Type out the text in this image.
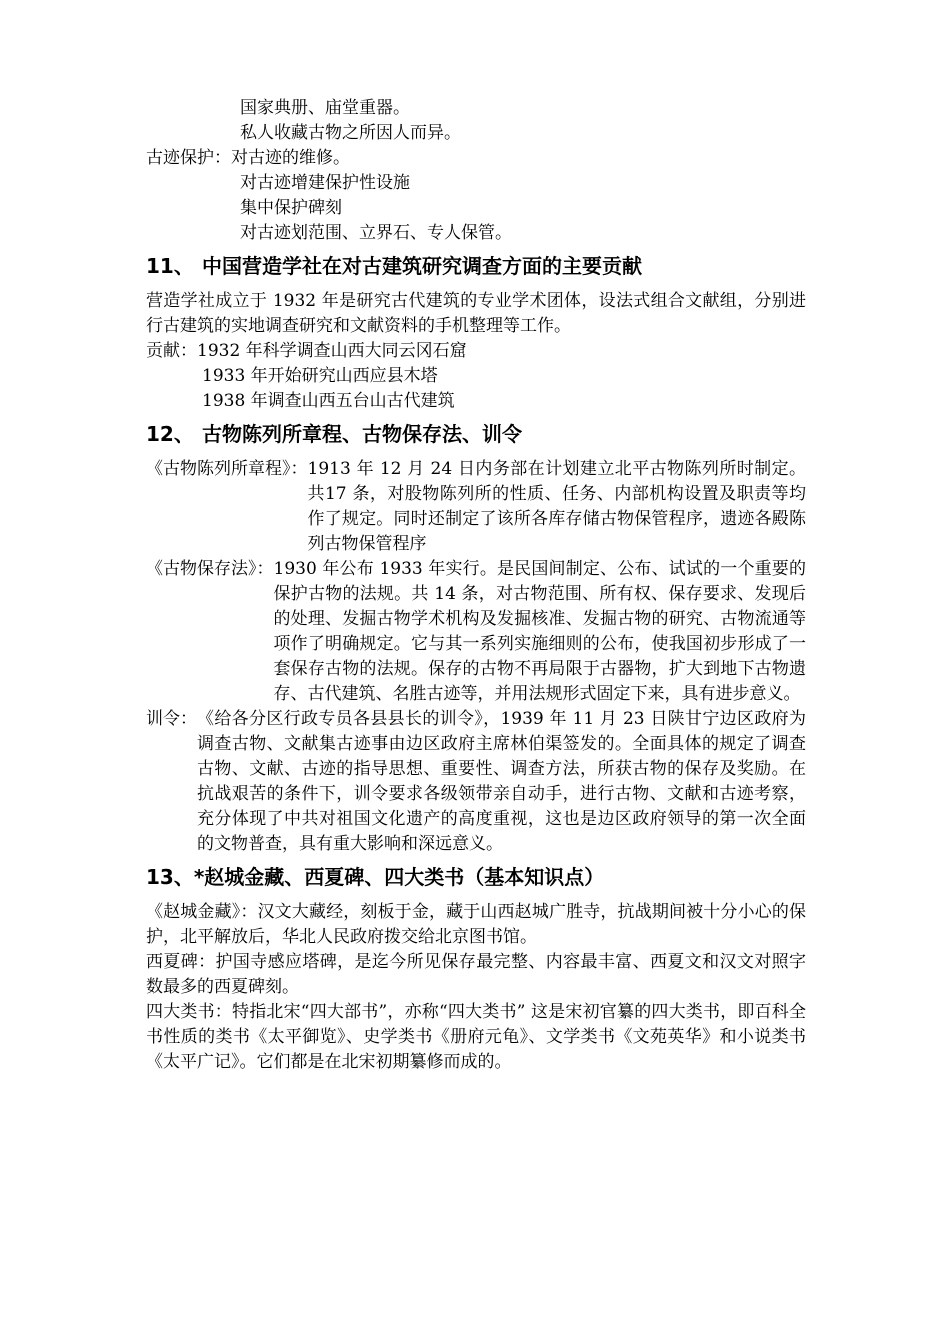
国家典册、庙堂重器。
私人收藏古物之所因人而异。
古迹保护：对古迹的维修。
对古迹增建保护性设施
集中保护碑刻
对古迹划范围、立界石、专人保管。
11、 中国营造学社在对古建筑研究调查方面的主要贡献
营造学社成立于 1932 年是研究古代建筑的专业学术团体，设法式组合文献组，分别进行古建筑的实地调查研究和文献资料的手机整理等工作。
贡献：1932 年科学调查山西大同云冈石窟
1933 年开始研究山西应县木塔
1938 年调查山西五台山古代建筑
12、 古物陈列所章程、古物保存法、训令
《古物陈列所章程》： 1913 年 12 月 24 日内务部在计划建立北平古物陈列所时制定。共17 条，对股物陈列所的性质、任务、内部机构设置及职责等均作了规定。同时还制定了该所各库存储古物保管程序，遗迹各殿陈列古物保管程序
《古物保存法》： 1930 年公布 1933 年实行。是民国间制定、公布、试试的一个重要的保护古物的法规。共 14 条，对古物范围、所有权、保存要求、发现后的处理、发掘古物学术机构及发掘核准、发掘古物的研究、古物流通等项作了明确规定。它与其一系列实施细则的公布，使我国初步形成了一套保存古物的法规。保存的古物不再局限于古器物，扩大到地下古物遗存、古代建筑、名胜古迹等，并用法规形式固定下来，具有进步意义。
训令： 《给各分区行政专员各县县长的训令》，1939 年 11 月 23 日陕甘宁边区政府为调查古物、文献集古迹事由边区政府主席林伯渠签发的。全面具体的规定了调查古物、文献、古迹的指导思想、重要性、调查方法，所获古物的保存及奖励。在抗战艰苦的条件下，训令要求各级领带亲自动手，进行古物、文献和古迹考察，充分体现了中共对祖国文化遗产的高度重视，这也是边区政府领导的第一次全面的文物普查，具有重大影响和深远意义。
13、*赵城金藏、西夏碑、四大类书（基本知识点）
《赵城金藏》：汉文大藏经，刻板于金，藏于山西赵城广胜寺，抗战期间被十分小心的保护，北平解放后，华北人民政府拨交给北京图书馆。
西夏碑：护国寺感应塔碑，是迄今所见保存最完整、内容最丰富、西夏文和汉文对照字数最多的西夏碑刻。
四大类书：特指北宋“四大部书”，亦称“四大类书” 这是宋初官纂的四大类书，即百科全书性质的类书《太平御览》、史学类书《册府元龟》、文学类书《文苑英华》和小说类书《太平广记》。它们都是在北宋初期纂修而成的。
